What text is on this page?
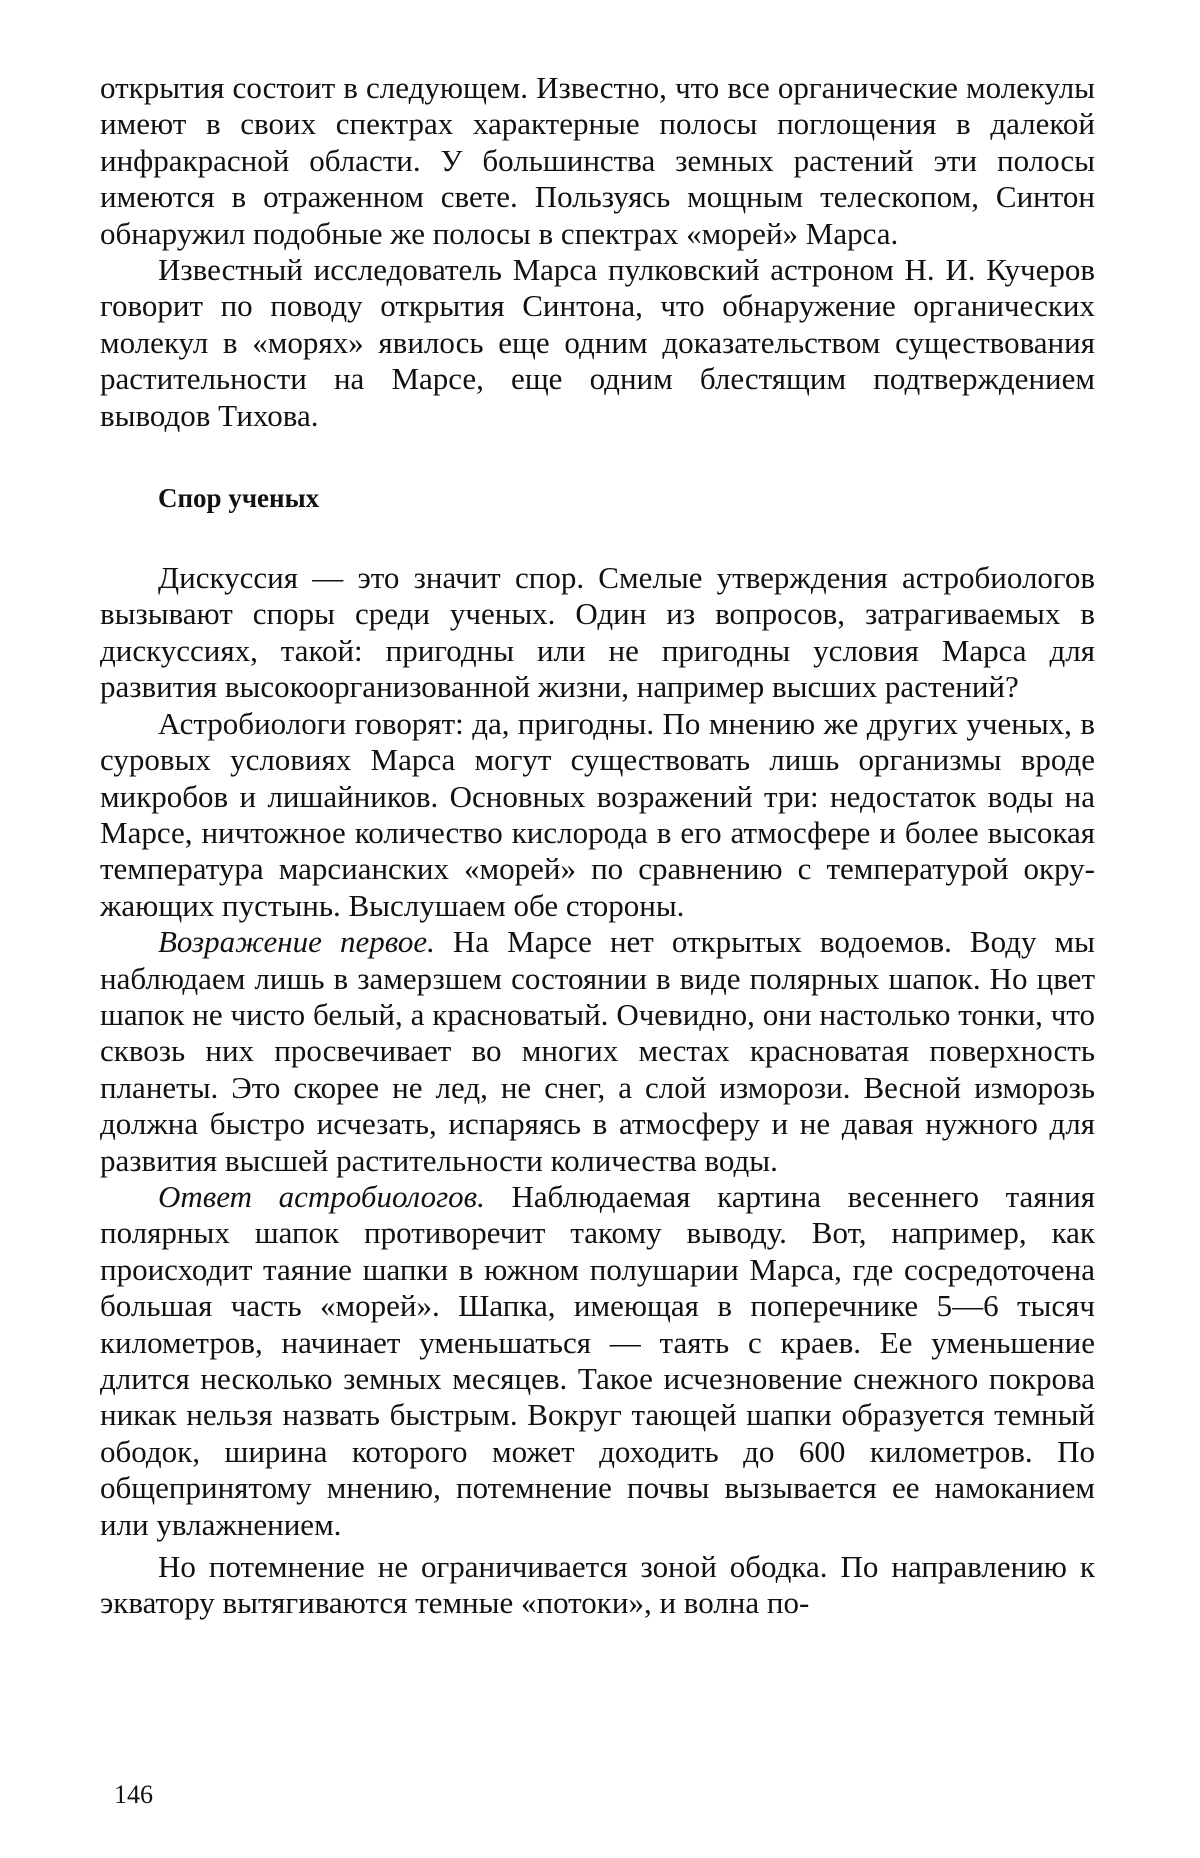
открытия состоит в следующем. Известно, что все органические молекулы имеют в своих спектрах характерные полосы поглощения в далекой инфракрасной области. У большинства земных растений эти полосы имеются в отраженном свете. Пользуясь мощным телескопом, Синтон обнаружил подобные же полосы в спектрах «морей» Марса.

Известный исследователь Марса пулковский астроном Н. И. Кучеров говорит по поводу открытия Синтона, что обнаружение органических молекул в «морях» явилось еще одним доказательством существования растительности на Марсе, еще одним блестящим подтверждением выводов Тихова.

Спор ученых

Дискуссия — это значит спор. Смелые утверждения астробиологов вызывают споры среди ученых. Один из вопросов, затрагиваемых в дискуссиях, такой: пригодны или не пригодны условия Марса для развития высокоорганизованной жизни, например высших растений?

Астробиологи говорят: да, пригодны. По мнению же других ученых, в суровых условиях Марса могут существовать лишь организмы вроде микробов и лишайников. Основных возражений три: недостаток воды на Марсе, ничтожное количество кислорода в его атмосфере и более высокая температура марсианских «морей» по сравнению с температурой окружающих пустынь. Выслушаем обе стороны.

Возражение первое. На Марсе нет открытых водоемов. Воду мы наблюдаем лишь в замерзшем состоянии в виде полярных шапок. Но цвет шапок не чисто белый, а красноватый. Очевидно, они настолько тонки, что сквозь них просвечивает во многих местах красноватая поверхность планеты. Это скорее не лед, не снег, а слой изморози. Весной изморозь должна быстро исчезать, испаряясь в атмосферу и не давая нужного для развития высшей растительности количества воды.

Ответ астробиологов. Наблюдаемая картина весеннего таяния полярных шапок противоречит такому выводу. Вот, например, как происходит таяние шапки в южном полушарии Марса, где сосредоточена большая часть «морей». Шапка, имеющая в поперечнике 5—6 тысяч километров, начинает уменьшаться — таять с краев. Ее уменьшение длится несколько земных месяцев. Такое исчезновение снежного покрова никак нельзя назвать быстрым. Вокруг тающей шапки образуется темный ободок, ширина которого может доходить до 600 километров. По общепринятому мнению, потемнение почвы вызывается ее намоканием или увлажнением.

Но потемнение не ограничивается зоной ободка. По направлению к экватору вытягиваются темные «потоки», и волна по-

146
